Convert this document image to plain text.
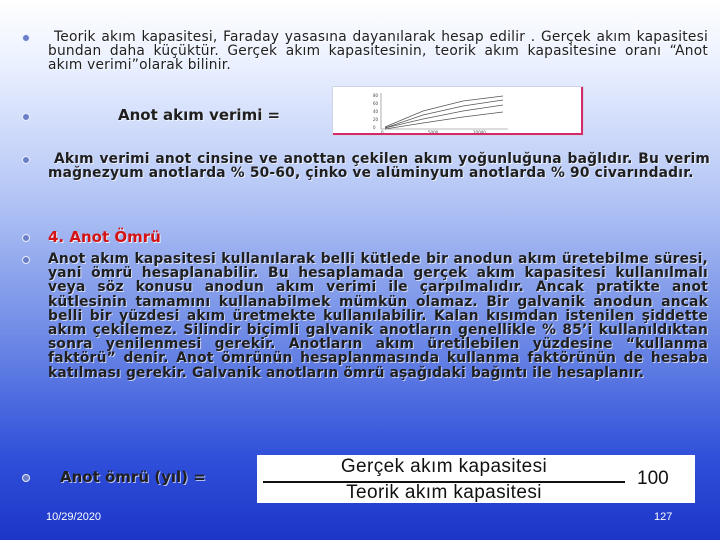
Teorik akım kapasitesi, Faraday yasasına dayanılarak hesap edilir . Gerçek akım kapasitesi bundan daha küçüktür. Gerçek akım kapasitesinin, teorik akım kapasitesine oranı “Anot akım verimi”olarak bilinir.
Anot akım verimi =
80
60
40
20
0
Akım verimi anot cinsine ve anottan çekilen akım yoğunluğuna bağlıdır. Bu verim mağnezyum anotlarda % 50-60, çinko ve alüminyum anotlarda % 90 civarındadır.
4. Anot Ömrü
Anot akım kapasitesi kullanılarak belli kütlede bir anodun akım üretebilme süresi, yani ömrü hesaplanabilir. Bu hesaplamada gerçek akım kapasitesi kullanılmalı veya söz konusu anodun akım verimi ile çarpılmalıdır. Ancak pratikte anot kütlesinin tamamını kullanabilmek mümkün olamaz. Bir galvanik anodun ancak belli bir yüzdesi akım üretmekte kullanılabilir. Kalan kısımdan istenilen şiddette akım çekilemez. Silindir biçimli galvanik anotların genellikle % 85’i kullanıldıktan sonra yenilenmesi gerekir. Anotların akım üretilebilen yüzdesine “kullanma faktörü” denir. Anot ömrünün hesaplanmasında kullanma faktörünün de hesaba katılması gerekir. Galvanik anotların ömrü aşağıdaki bağıntı ile hesaplanır.
Anot ömrü (yıl) =	Gerçek akım kapasitesi
Teorik akım kapasitesi
100
10/29/2020	127
